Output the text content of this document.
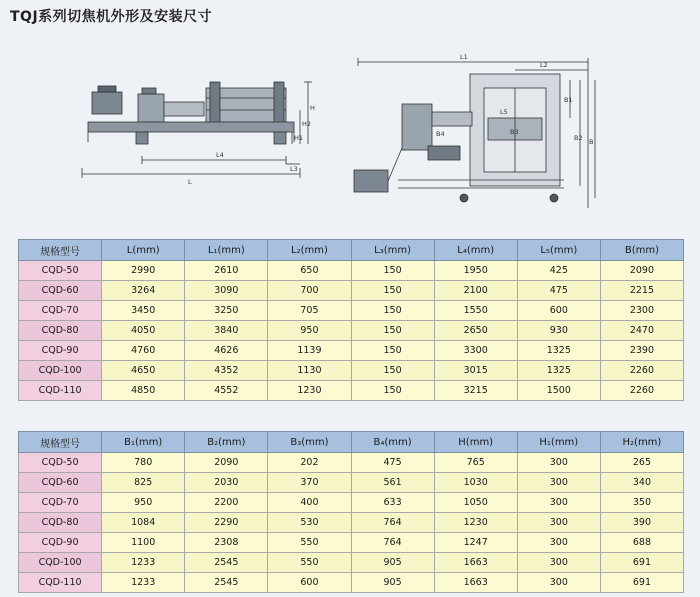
TQJ系列切焦机外形及安装尺寸
L4
L
H
H2
H1
L3
L1
L2
B1
B2 B
B4
L5
B3
规格型号	L(mm)	L₁(mm)	L₂(mm)	L₃(mm)	L₄(mm)	L₅(mm)	B(mm)
CQD-50	2990	2610	650	150	1950	425	2090
CQD-60	3264	3090	700	150	2100	475	2215
CQD-70	3450	3250	705	150	1550	600	2300
CQD-80	4050	3840	950	150	2650	930	2470
CQD-90	4760	4626	1139	150	3300	1325	2390
CQD-100	4650	4352	1130	150	3015	1325	2260
CQD-110	4850	4552	1230	150	3215	1500	2260
规格型号	B₁(mm)	B₂(mm)	B₃(mm)	B₄(mm)	H(mm)	H₁(mm)	H₂(mm)
CQD-50	780	2090	202	475	765	300	265
CQD-60	825	2030	370	561	1030	300	340
CQD-70	950	2200	400	633	1050	300	350
CQD-80	1084	2290	530	764	1230	300	390
CQD-90	1100	2308	550	764	1247	300	688
CQD-100	1233	2545	550	905	1663	300	691
CQD-110	1233	2545	600	905	1663	300	691
